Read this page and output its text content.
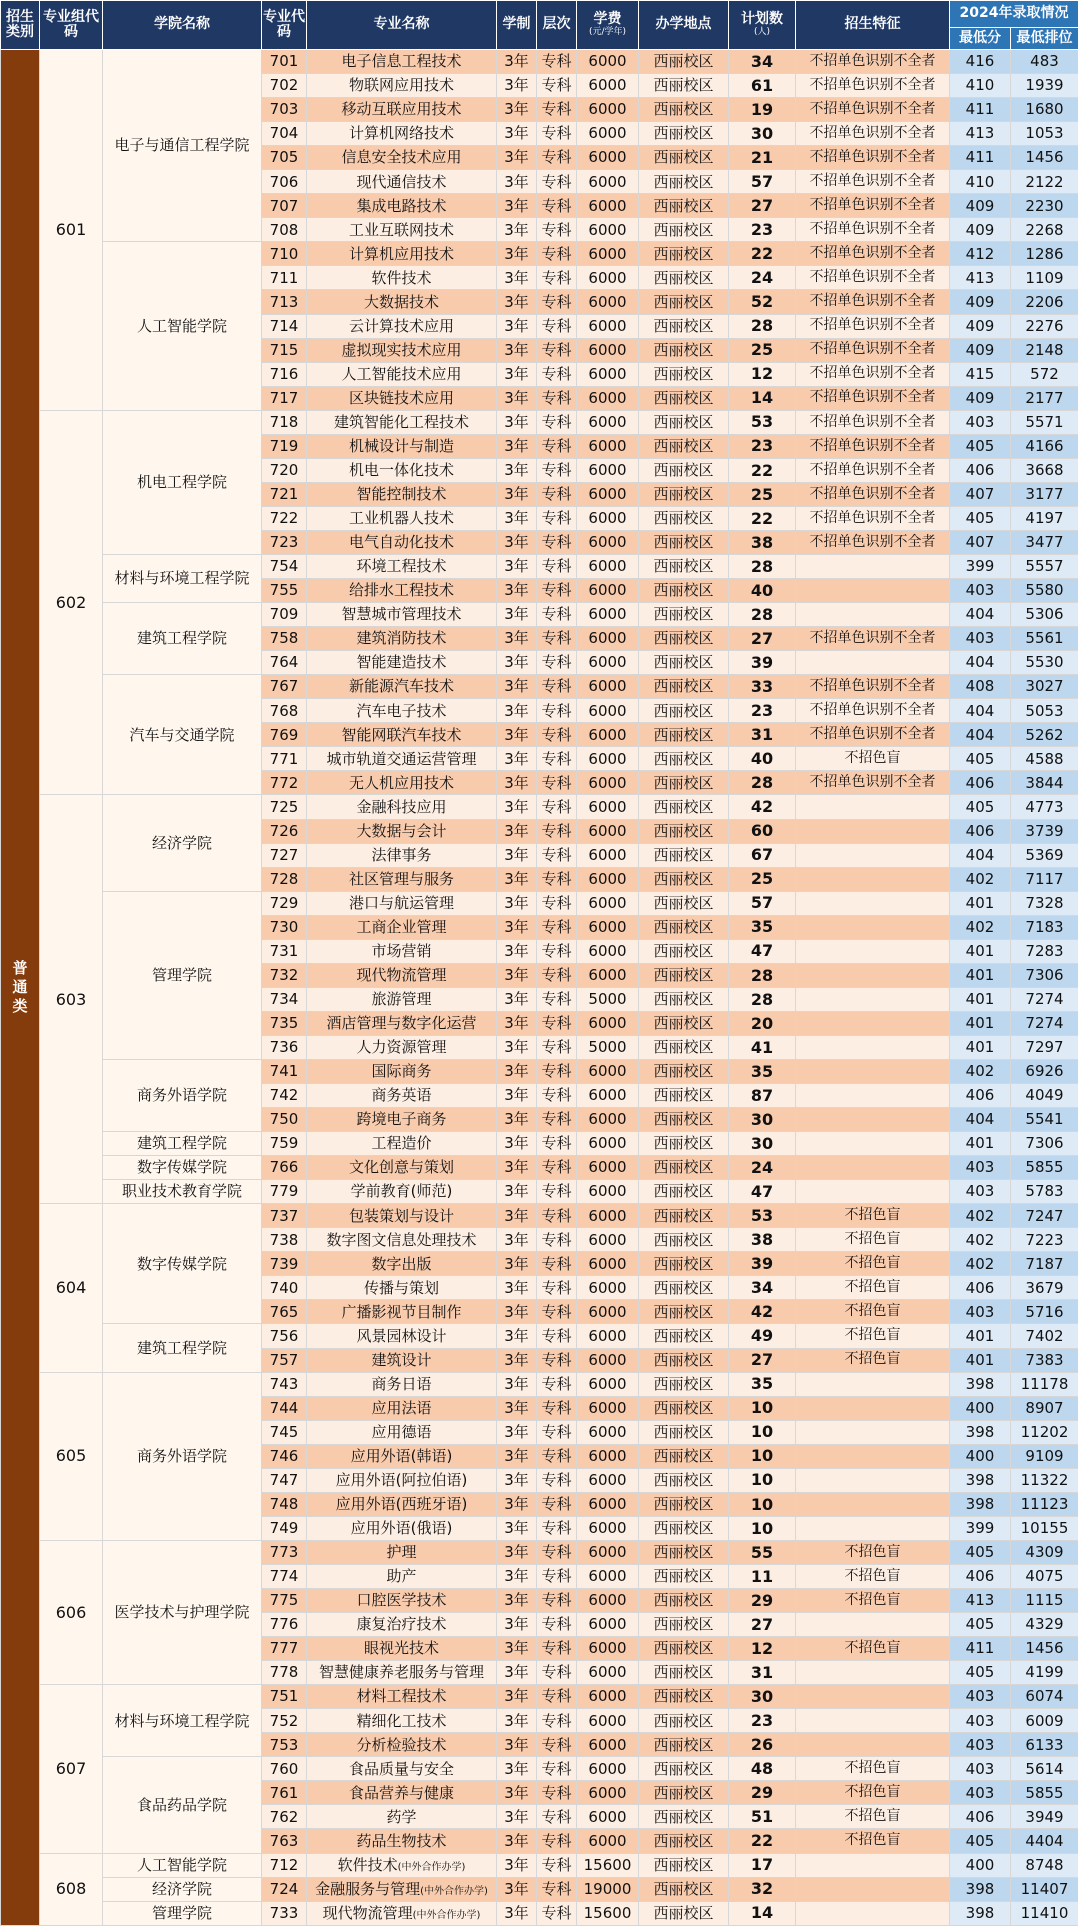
招生类别	专业组代码	学院名称	专业代码	专业名称	学制	层次	学费
(元/学年)	办学地点	计划数
(人)	招生特征	2024年录取情况	
											最低分	最低排位
普通类	601	电子与通信工程学院	701	电子信息工程技术	3年	专科	6000	西丽校区	34	不招单色识别不全者	416	483
			702	物联网应用技术	3年	专科	6000	西丽校区	61	不招单色识别不全者	410	1939
			703	移动互联应用技术	3年	专科	6000	西丽校区	19	不招单色识别不全者	411	1680
			704	计算机网络技术	3年	专科	6000	西丽校区	30	不招单色识别不全者	413	1053
			705	信息安全技术应用	3年	专科	6000	西丽校区	21	不招单色识别不全者	411	1456
			706	现代通信技术	3年	专科	6000	西丽校区	57	不招单色识别不全者	410	2122
			707	集成电路技术	3年	专科	6000	西丽校区	27	不招单色识别不全者	409	2230
			708	工业互联网技术	3年	专科	6000	西丽校区	23	不招单色识别不全者	409	2268
		人工智能学院	710	计算机应用技术	3年	专科	6000	西丽校区	22	不招单色识别不全者	412	1286
			711	软件技术	3年	专科	6000	西丽校区	24	不招单色识别不全者	413	1109
			713	大数据技术	3年	专科	6000	西丽校区	52	不招单色识别不全者	409	2206
			714	云计算技术应用	3年	专科	6000	西丽校区	28	不招单色识别不全者	409	2276
			715	虚拟现实技术应用	3年	专科	6000	西丽校区	25	不招单色识别不全者	409	2148
			716	人工智能技术应用	3年	专科	6000	西丽校区	12	不招单色识别不全者	415	572
			717	区块链技术应用	3年	专科	6000	西丽校区	14	不招单色识别不全者	409	2177
	602	机电工程学院	718	建筑智能化工程技术	3年	专科	6000	西丽校区	53	不招单色识别不全者	403	5571
			719	机械设计与制造	3年	专科	6000	西丽校区	23	不招单色识别不全者	405	4166
			720	机电一体化技术	3年	专科	6000	西丽校区	22	不招单色识别不全者	406	3668
			721	智能控制技术	3年	专科	6000	西丽校区	25	不招单色识别不全者	407	3177
			722	工业机器人技术	3年	专科	6000	西丽校区	22	不招单色识别不全者	405	4197
			723	电气自动化技术	3年	专科	6000	西丽校区	38	不招单色识别不全者	407	3477
		材料与环境工程学院	754	环境工程技术	3年	专科	6000	西丽校区	28		399	5557
			755	给排水工程技术	3年	专科	6000	西丽校区	40		403	5580
		建筑工程学院	709	智慧城市管理技术	3年	专科	6000	西丽校区	28		404	5306
			758	建筑消防技术	3年	专科	6000	西丽校区	27	不招单色识别不全者	403	5561
			764	智能建造技术	3年	专科	6000	西丽校区	39		404	5530
		汽车与交通学院	767	新能源汽车技术	3年	专科	6000	西丽校区	33	不招单色识别不全者	408	3027
			768	汽车电子技术	3年	专科	6000	西丽校区	23	不招单色识别不全者	404	5053
			769	智能网联汽车技术	3年	专科	6000	西丽校区	31	不招单色识别不全者	404	5262
			771	城市轨道交通运营管理	3年	专科	6000	西丽校区	40	不招色盲	405	4588
			772	无人机应用技术	3年	专科	6000	西丽校区	28	不招单色识别不全者	406	3844
	603	经济学院	725	金融科技应用	3年	专科	6000	西丽校区	42		405	4773
			726	大数据与会计	3年	专科	6000	西丽校区	60		406	3739
			727	法律事务	3年	专科	6000	西丽校区	67		404	5369
			728	社区管理与服务	3年	专科	6000	西丽校区	25		402	7117
		管理学院	729	港口与航运管理	3年	专科	6000	西丽校区	57		401	7328
			730	工商企业管理	3年	专科	6000	西丽校区	35		402	7183
			731	市场营销	3年	专科	6000	西丽校区	47		401	7283
			732	现代物流管理	3年	专科	6000	西丽校区	28		401	7306
			734	旅游管理	3年	专科	5000	西丽校区	28		401	7274
			735	酒店管理与数字化运营	3年	专科	6000	西丽校区	20		401	7274
			736	人力资源管理	3年	专科	5000	西丽校区	41		401	7297
		商务外语学院	741	国际商务	3年	专科	6000	西丽校区	35		402	6926
			742	商务英语	3年	专科	6000	西丽校区	87		406	4049
			750	跨境电子商务	3年	专科	6000	西丽校区	30		404	5541
		建筑工程学院	759	工程造价	3年	专科	6000	西丽校区	30		401	7306
		数字传媒学院	766	文化创意与策划	3年	专科	6000	西丽校区	24		403	5855
		职业技术教育学院	779	学前教育(师范)	3年	专科	6000	西丽校区	47		403	5783
	604	数字传媒学院	737	包装策划与设计	3年	专科	6000	西丽校区	53	不招色盲	402	7247
			738	数字图文信息处理技术	3年	专科	6000	西丽校区	38	不招色盲	402	7223
			739	数字出版	3年	专科	6000	西丽校区	39	不招色盲	402	7187
			740	传播与策划	3年	专科	6000	西丽校区	34	不招色盲	406	3679
			765	广播影视节目制作	3年	专科	6000	西丽校区	42	不招色盲	403	5716
		建筑工程学院	756	风景园林设计	3年	专科	6000	西丽校区	49	不招色盲	401	7402
			757	建筑设计	3年	专科	6000	西丽校区	27	不招色盲	401	7383
	605	商务外语学院	743	商务日语	3年	专科	6000	西丽校区	35		398	11178
			744	应用法语	3年	专科	6000	西丽校区	10		400	8907
			745	应用德语	3年	专科	6000	西丽校区	10		398	11202
			746	应用外语(韩语)	3年	专科	6000	西丽校区	10		400	9109
			747	应用外语(阿拉伯语)	3年	专科	6000	西丽校区	10		398	11322
			748	应用外语(西班牙语)	3年	专科	6000	西丽校区	10		398	11123
			749	应用外语(俄语)	3年	专科	6000	西丽校区	10		399	10155
	606	医学技术与护理学院	773	护理	3年	专科	6000	西丽校区	55	不招色盲	405	4309
			774	助产	3年	专科	6000	西丽校区	11	不招色盲	406	4075
			775	口腔医学技术	3年	专科	6000	西丽校区	29	不招色盲	413	1115
			776	康复治疗技术	3年	专科	6000	西丽校区	27		405	4329
			777	眼视光技术	3年	专科	6000	西丽校区	12	不招色盲	411	1456
			778	智慧健康养老服务与管理	3年	专科	6000	西丽校区	31		405	4199
	607	材料与环境工程学院	751	材料工程技术	3年	专科	6000	西丽校区	30		403	6074
			752	精细化工技术	3年	专科	6000	西丽校区	23		403	6009
			753	分析检验技术	3年	专科	6000	西丽校区	26		403	6133
		食品药品学院	760	食品质量与安全	3年	专科	6000	西丽校区	48	不招色盲	403	5614
			761	食品营养与健康	3年	专科	6000	西丽校区	29	不招色盲	403	5855
			762	药学	3年	专科	6000	西丽校区	51	不招色盲	406	3949
			763	药品生物技术	3年	专科	6000	西丽校区	22	不招色盲	405	4404
	608	人工智能学院	712	软件技术(中外合作办学)	3年	专科	15600	西丽校区	17		400	8748
		经济学院	724	金融服务与管理(中外合作办学)	3年	专科	19000	西丽校区	32		398	11407
		管理学院	733	现代物流管理(中外合作办学)	3年	专科	15600	西丽校区	14		398	11410
